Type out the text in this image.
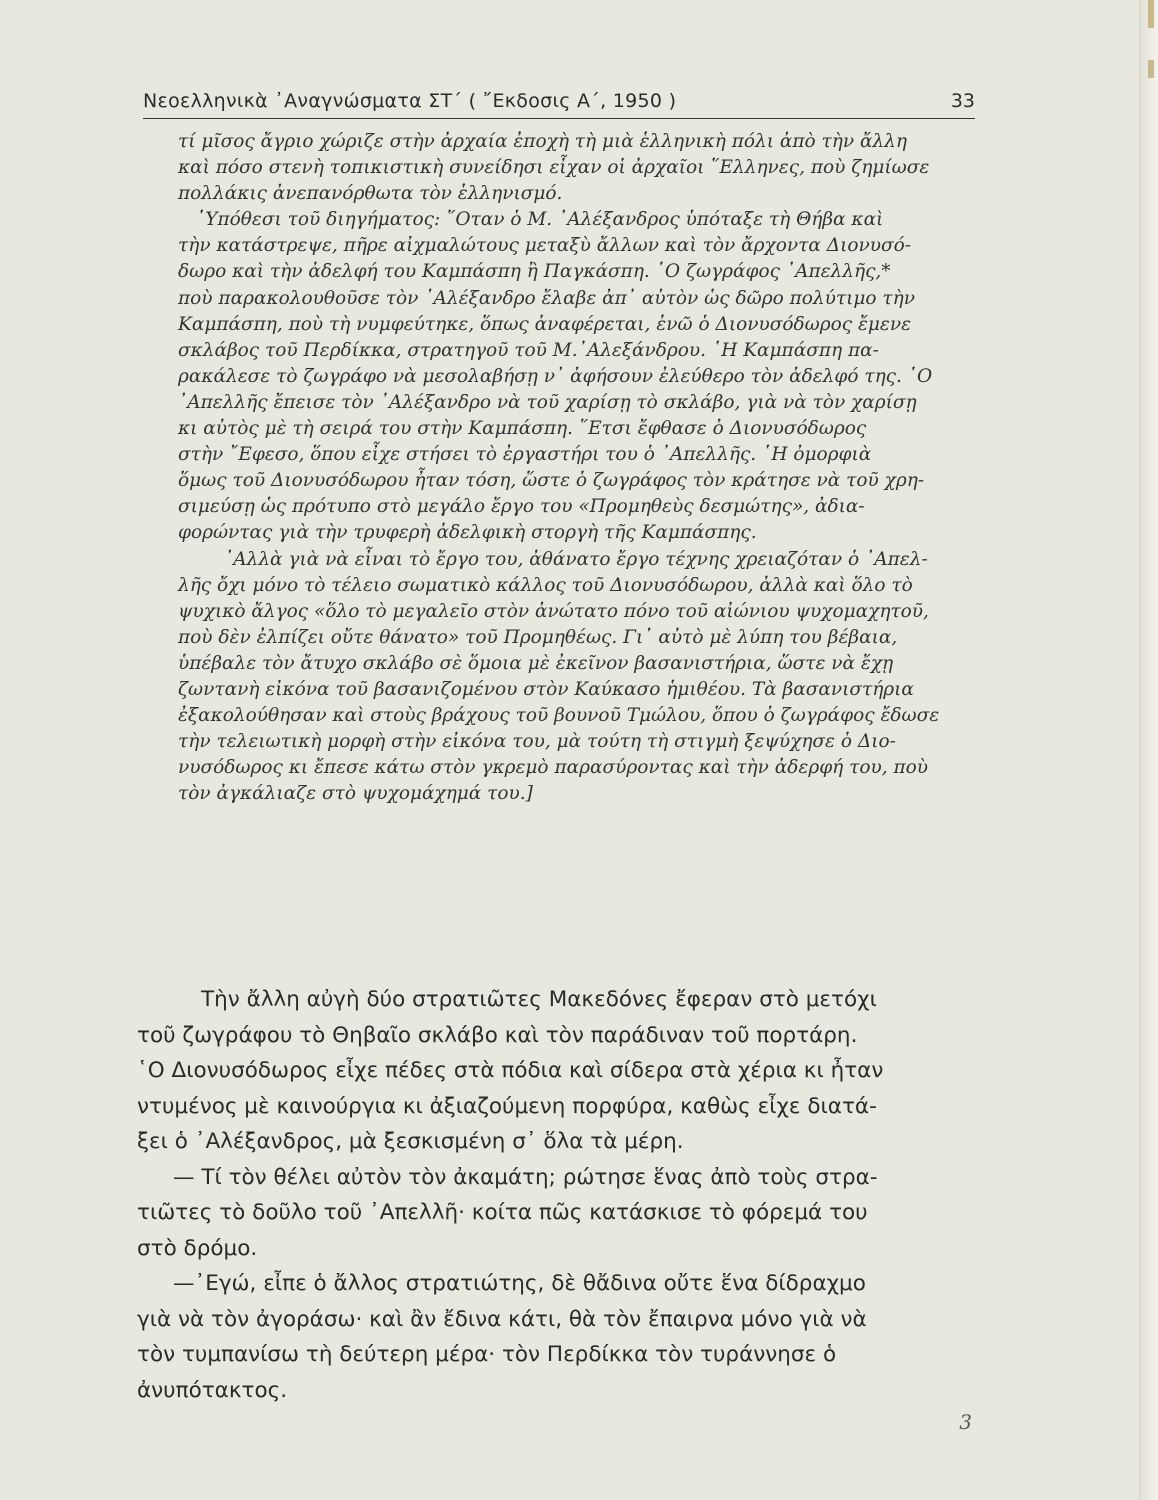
Νεοελληνικὰ ᾽Αναγνώσματα ΣΤ΄ ( ῎Εκδοσις Α΄, 1950 )	33
τί μῖσος ἄγριο χώριζε στὴν ἀρχαία ἐποχὴ τὴ μιὰ ἑλληνικὴ πόλι ἀπὸ τὴν ἄλλη
καὶ πόσο στενὴ τοπικιστικὴ συνείδησι εἶχαν οἱ ἀρχαῖοι ῞Ελληνες, ποὺ ζημίωσε
πολλάκις ἀνεπανόρθωτα τὸν ἑλληνισμό.
῾Υπόθεσι τοῦ διηγήματος: ῞Οταν ὁ Μ. ᾽Αλέξανδρος ὑπόταξε τὴ Θήβα καὶ
τὴν κατάστρεψε, πῆρε αἰχμαλώτους μεταξὺ ἄλλων καὶ τὸν ἄρχοντα Διονυσό-
δωρο καὶ τὴν ἀδελφή του Καμπάσπη ἢ Παγκάσπη. ῾Ο ζωγράφος ᾽Απελλῆς,*
ποὺ παρακολουθοῦσε τὸν ᾽Αλέξανδρο ἔλαβε ἀπ᾽ αὐτὸν ὡς δῶρο πολύτιμο τὴν
Καμπάσπη, ποὺ τὴ νυμφεύτηκε, ὅπως ἀναφέρεται, ἐνῶ ὁ Διονυσόδωρος ἔμενε
σκλάβος τοῦ Περδίκκα, στρατηγοῦ τοῦ Μ.᾽Αλεξάνδρου. ῾Η Καμπάσπη πα-
ρακάλεσε τὸ ζωγράφο νὰ μεσολαβήσῃ ν᾽ ἀφήσουν ἐλεύθερο τὸν ἀδελφό της. ῾Ο
᾽Απελλῆς ἔπεισε τὸν ᾽Αλέξανδρο νὰ τοῦ χαρίσῃ τὸ σκλάβο, γιὰ νὰ τὸν χαρίσῃ
κι αὐτὸς μὲ τὴ σειρά του στὴν Καμπάσπη. ῞Ετσι ἔφθασε ὁ Διονυσόδωρος
στὴν ῎Εφεσο, ὅπου εἶχε στήσει τὸ ἐργαστήρι του ὁ ᾽Απελλῆς. ῾Η ὀμορφιὰ
ὅμως τοῦ Διονυσόδωρου ἦταν τόση, ὥστε ὁ ζωγράφος τὸν κράτησε νὰ τοῦ χρη-
σιμεύσῃ ὡς πρότυπο στὸ μεγάλο ἔργο του «Προμηθεὺς δεσμώτης», ἀδια-
φορώντας γιὰ τὴν τρυφερὴ ἀδελφικὴ στοργὴ τῆς Καμπάσπης.
᾽Αλλὰ γιὰ νὰ εἶναι τὸ ἔργο του, ἀθάνατο ἔργο τέχνης χρειαζόταν ὁ ᾽Απελ-
λῆς ὄχι μόνο τὸ τέλειο σωματικὸ κάλλος τοῦ Διονυσόδωρου, ἀλλὰ καὶ ὅλο τὸ
ψυχικὸ ἄλγος «ὅλο τὸ μεγαλεῖο στὸν ἀνώτατο πόνο τοῦ αἰώνιου ψυχομαχητοῦ,
ποὺ δὲν ἐλπίζει οὔτε θάνατο» τοῦ Προμηθέως. Γι᾽ αὐτὸ μὲ λύπη του βέβαια,
ὑπέβαλε τὸν ἄτυχο σκλάβο σὲ ὅμοια μὲ ἐκεῖνον βασανιστήρια, ὥστε νὰ ἔχῃ
ζωντανὴ εἰκόνα τοῦ βασανιζομένου στὸν Καύκασο ἡμιθέου. Τὰ βασανιστήρια
ἐξακολούθησαν καὶ στοὺς βράχους τοῦ βουνοῦ Τμώλου, ὅπου ὁ ζωγράφος ἔδωσε
τὴν τελειωτικὴ μορφὴ στὴν εἰκόνα του, μὰ τούτη τὴ στιγμὴ ξεψύχησε ὁ Διο-
νυσόδωρος κι ἔπεσε κάτω στὸν γκρεμὸ παρασύροντας καὶ τὴν ἀδερφή του, ποὺ
τὸν ἀγκάλιαζε στὸ ψυχομάχημά του.]
Τὴν ἄλλη αὐγὴ δύο στρατιῶτες Μακεδόνες ἔφεραν στὸ μετόχι
τοῦ ζωγράφου τὸ Θηβαῖο σκλάβο καὶ τὸν παράδιναν τοῦ πορτάρη.
῾Ο Διονυσόδωρος εἶχε πέδες στὰ πόδια καὶ σίδερα στὰ χέρια κι ἦταν
ντυμένος μὲ καινούργια κι ἀξιαζούμενη πορφύρα, καθὼς εἶχε διατά-
ξει ὁ ᾽Αλέξανδρος, μὰ ξεσκισμένη σ᾽ ὅλα τὰ μέρη.
— Τί τὸν θέλει αὐτὸν τὸν ἀκαμάτη; ρώτησε ἕνας ἀπὸ τοὺς στρα-
τιῶτες τὸ δοῦλο τοῦ ᾽Απελλῆ· κοίτα πῶς κατάσκισε τὸ φόρεμά του
στὸ δρόμο.
—᾽Εγώ, εἶπε ὁ ἄλλος στρατιώτης, δὲ θἄδινα οὔτε ἕνα δίδραχμο
γιὰ νὰ τὸν ἀγοράσω· καὶ ἂν ἔδινα κάτι, θὰ τὸν ἔπαιρνα μόνο γιὰ νὰ
τὸν τυμπανίσω τὴ δεύτερη μέρα· τὸν Περδίκκα τὸν τυράννησε ὁ
ἀνυπότακτος.
3
